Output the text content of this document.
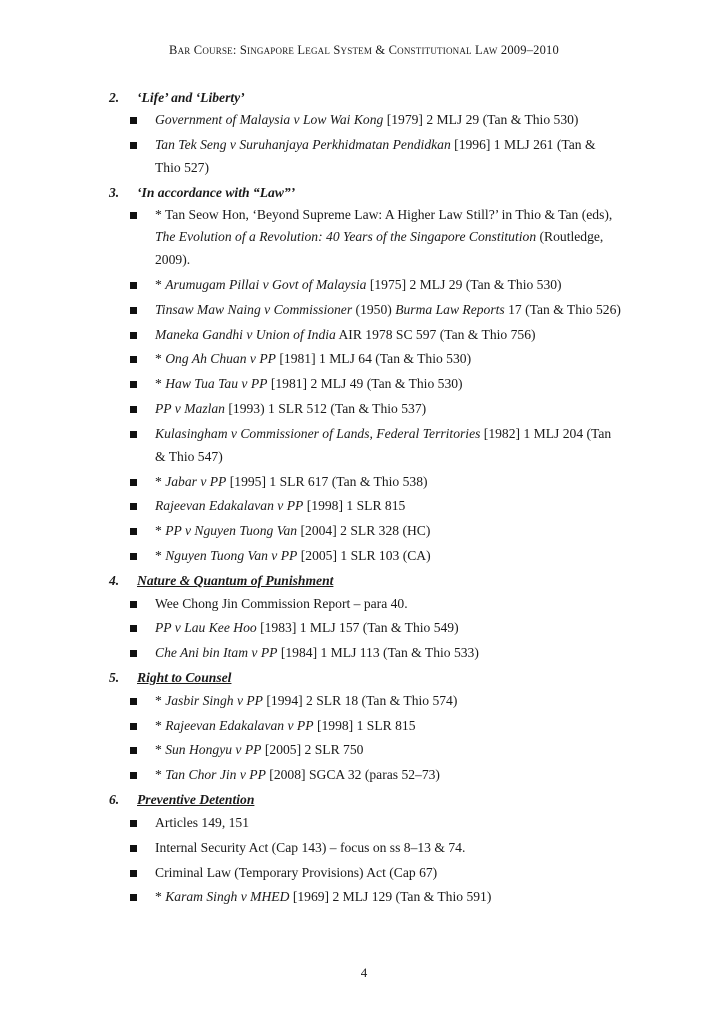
Bar Course: Singapore Legal System & Constitutional Law 2009–2010
2. ‘Life’ and ‘Liberty’
Government of Malaysia v Low Wai Kong [1979] 2 MLJ 29 (Tan & Thio 530)
Tan Tek Seng v Suruhanjaya Perkhidmatan Pendidkan [1996] 1 MLJ 261 (Tan & Thio 527)
3. ‘In accordance with “Law”’
* Tan Seow Hon, ‘Beyond Supreme Law: A Higher Law Still?’ in Thio & Tan (eds), The Evolution of a Revolution: 40 Years of the Singapore Constitution (Routledge, 2009).
* Arumugam Pillai v Govt of Malaysia [1975] 2 MLJ 29 (Tan & Thio 530)
Tinsaw Maw Naing v Commissioner (1950) Burma Law Reports 17 (Tan & Thio 526)
Maneka Gandhi v Union of India AIR 1978 SC 597 (Tan & Thio 756)
* Ong Ah Chuan v PP [1981] 1 MLJ 64 (Tan & Thio 530)
* Haw Tua Tau v PP [1981] 2 MLJ 49 (Tan & Thio 530)
PP v Mazlan [1993) 1 SLR 512 (Tan & Thio 537)
Kulasingham v Commissioner of Lands, Federal Territories [1982] 1 MLJ 204 (Tan & Thio 547)
* Jabar v PP [1995] 1 SLR 617 (Tan & Thio 538)
Rajeevan Edakalavan v PP [1998] 1 SLR 815
* PP v Nguyen Tuong Van [2004] 2 SLR 328 (HC)
* Nguyen Tuong Van v PP [2005] 1 SLR 103 (CA)
4. Nature & Quantum of Punishment
Wee Chong Jin Commission Report – para 40.
PP v Lau Kee Hoo [1983] 1 MLJ 157 (Tan & Thio 549)
Che Ani bin Itam v PP [1984] 1 MLJ 113 (Tan & Thio 533)
5. Right to Counsel
* Jasbir Singh v PP [1994] 2 SLR 18 (Tan & Thio 574)
* Rajeevan Edakalavan v PP [1998] 1 SLR 815
* Sun Hongyu v PP [2005] 2 SLR 750
* Tan Chor Jin v PP [2008] SGCA 32 (paras 52–73)
6. Preventive Detention
Articles 149, 151
Internal Security Act (Cap 143) – focus on ss 8–13 & 74.
Criminal Law (Temporary Provisions) Act (Cap 67)
* Karam Singh v MHED [1969] 2 MLJ 129 (Tan & Thio 591)
4
